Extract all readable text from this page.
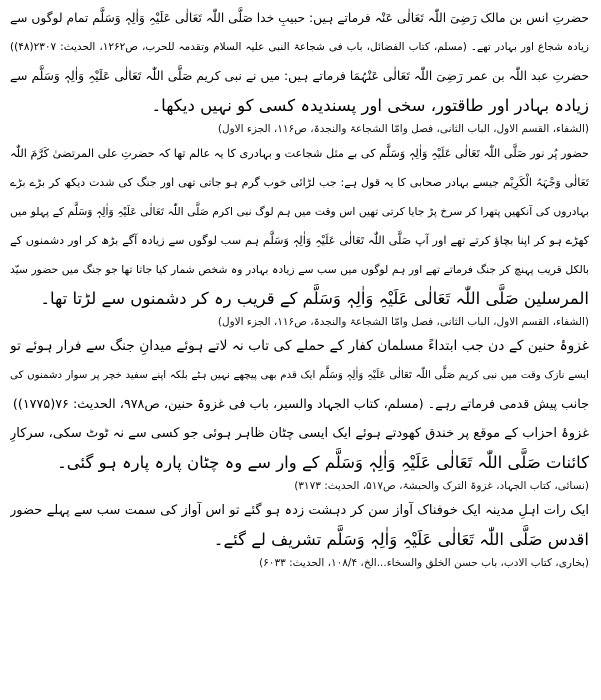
حضرتِ انس بن مالک رَضِیَ اللّٰہ تَعَالٰی عَنْہ فرماتے ہیں: حبیبِ خدا صَلَّی اللّٰہ تَعَالٰی عَلَیْہِ وَاٰلِہٖ وَسَلَّم تمام لوگوں سے
زیادہ شجاع اور بہادر تھے۔ (مسلم، کتاب الفضائل، باب فی شجاعۃ النبی علیہ السلام وتقدمہ للحرب، ص۱۲۶۲، الحدیث: ۲۳۰۷(۴۸))
حضرتِ عبد اللّٰہ بن عمر رَضِیَ اللّٰہ تَعَالٰی عَنْہُمَا فرماتے ہیں: میں نے نبی کریم صَلَّی اللّٰہ تَعَالٰی عَلَیْہِ وَاٰلِہٖ وَسَلَّم سے
زیادہ بہادر اور طاقتور، سخی اور پسندیدہ کسی کو نہیں دیکھا۔
(الشفاء، القسم الاول، الباب الثانی، فصل وامّا الشجاعۃ والنجدۃ، ص۱۱۶، الجزء الاول)
حضور پُر نور صَلَّی اللّٰہ تَعَالٰی عَلَیْہِ وَاٰلِہٖ وَسَلَّم کی بے مثل شجاعت و بہادری کا یہ عالم تھا کہ حضرتِ علی المرتضیٰ کَرَّمَ اللّٰہ
تَعَالٰی وَجْہَہُ الْکَرِیْم جیسے بہادر صحابی کا یہ قول ہے: جب لڑائی خوب گرم ہو جاتی تھی اور جنگ کی شدت دیکھ کر بڑے بڑے
بہادروں کی آنکھیں پتھرا کر سرخ پڑ جایا کرتی تھیں اس وقت میں ہم لوگ نبی اکرم صَلَّی اللّٰہ تَعَالٰی عَلَیْہِ وَاٰلِہٖ وَسَلَّم کے پہلو میں
کھڑے ہو کر اپنا بچاؤ کرتے تھے اور آپ صَلَّی اللّٰہ تَعَالٰی عَلَیْہِ وَاٰلِہٖ وَسَلَّم ہم سب لوگوں سے زیادہ آگے بڑھ کر اور دشمنوں کے
بالکل قریب پہنچ کر جنگ فرماتے تھے اور ہم لوگوں میں سب سے زیادہ بہادر وہ شخص شمار کیا جاتا تھا جو جنگ میں حضور سیّد
المرسلین صَلَّی اللّٰہ تَعَالٰی عَلَیْہِ وَاٰلِہٖ وَسَلَّم کے قریب رہ کر دشمنوں سے لڑتا تھا۔
(الشفاء، القسم الاول، الباب الثانی، فصل وامّا الشجاعۃ والنجدۃ، ص۱۱۶، الجزء الاول)
غزوۂ حنین کے دن جب ابتداءً مسلمان کفار کے حملے کی تاب نہ لاتے ہوئے میدانِ جنگ سے فرار ہوئے تو
ایسے نازک وقت میں نبی کریم صَلَّی اللّٰہ تَعَالٰی عَلَیْہِ وَاٰلِہٖ وَسَلَّم ایک قدم بھی پیچھے نہیں ہٹے بلکہ اپنے سفید خچر پر سوار دشمنوں کی
جانب پیش قدمی فرماتے رہے۔ (مسلم، کتاب الجہاد والسیر، باب فی غزوۃ حنین، ص۹۷۸، الحدیث: ۷۶(۱۷۷۵))
غزوۂ احزاب کے موقع پر خندق کھودتے ہوئے ایک ایسی چٹان ظاہر ہوئی جو کسی سے نہ ٹوٹ سکی، سرکارِ
کائنات صَلَّی اللّٰہ تَعَالٰی عَلَیْہِ وَاٰلِہٖ وَسَلَّم کے وار سے وہ چٹان پارہ پارہ ہو گئی۔
(نسائی، کتاب الجہاد، غزوۃ الترک والحبشۃ، ص۵۱۷، الحدیث: ۳۱۷۳)
ایک رات اہلِ مدینہ ایک خوفناک آواز سن کر دہشت زدہ ہو گئے تو اس آواز کی سمت سب سے پہلے حضور
اقدس صَلَّی اللّٰہ تَعَالٰی عَلَیْہِ وَاٰلِہٖ وَسَلَّم تشریف لے گئے۔
(بخاری، کتاب الادب، باب حسن الخلق والسخاء...الخ، ۱۰۸/۴، الحدیث: ۶۰۳۳)
